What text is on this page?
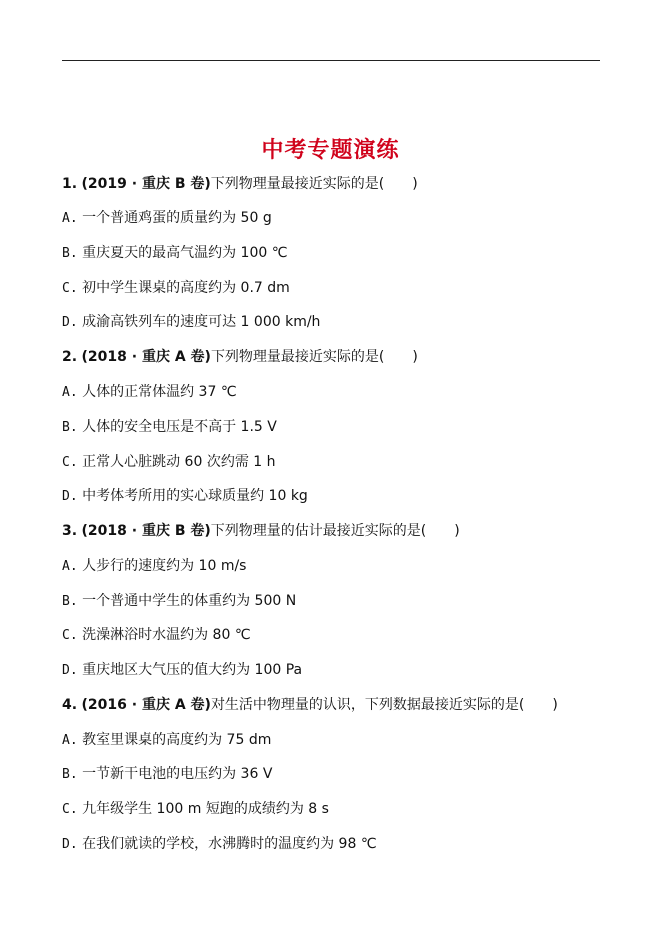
中考专题演练
1. (2019 · 重庆 B 卷)下列物理量最接近实际的是(　　)
A. 一个普通鸡蛋的质量约为 50 g
B. 重庆夏天的最高气温约为 100 ℃
C. 初中学生课桌的高度约为 0.7 dm
D. 成渝高铁列车的速度可达 1 000 km/h
2. (2018 · 重庆 A 卷)下列物理量最接近实际的是(　　)
A. 人体的正常体温约 37 ℃
B. 人体的安全电压是不高于 1.5 V
C. 正常人心脏跳动 60 次约需 1 h
D. 中考体考所用的实心球质量约 10 kg
3. (2018 · 重庆 B 卷)下列物理量的估计最接近实际的是(　　)
A. 人步行的速度约为 10 m/s
B. 一个普通中学生的体重约为 500 N
C. 洗澡淋浴时水温约为 80 ℃
D. 重庆地区大气压的值大约为 100 Pa
4. (2016 · 重庆 A 卷)对生活中物理量的认识，下列数据最接近实际的是(　　)
A. 教室里课桌的高度约为 75 dm
B. 一节新干电池的电压约为 36 V
C. 九年级学生 100 m 短跑的成绩约为 8 s
D. 在我们就读的学校，水沸腾时的温度约为 98 ℃
